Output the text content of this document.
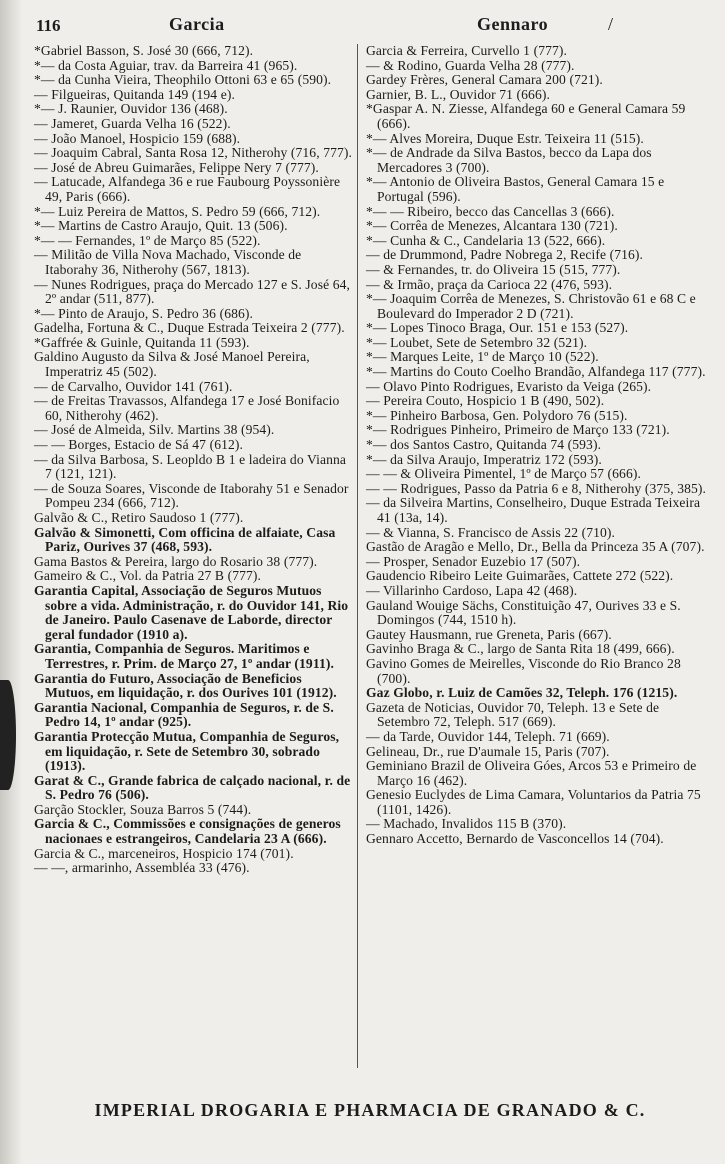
116	Garcia	Gennaro	/

*Gabriel Basson, S. José 30 (666, 712).

*— da Costa Aguiar, trav. da Barreira 41 (965).

*— da Cunha Vieira, Theophilo Ottoni 63 e 65 (590).

— Filgueiras, Quitanda 149 (194 e).

*— J. Raunier, Ouvidor 136 (468).

— Jameret, Guarda Velha 16 (522).

— João Manoel, Hospicio 159 (688).

— Joaquim Cabral, Santa Rosa 12, Nitherohy (716, 777).

— José de Abreu Guimarães, Felippe Nery 7 (777).

— Latucade, Alfandega 36 e rue Faubourg Poyssonière 49, Paris (666).

*— Luiz Pereira de Mattos, S. Pedro 59 (666, 712).

*— Martins de Castro Araujo, Quit. 13 (506).

*— — Fernandes, 1º de Março 85 (522).

— Militão de Villa Nova Machado, Visconde de Itaborahy 36, Nitherohy (567, 1813).

— Nunes Rodrigues, praça do Mercado 127 e S. José 64, 2º andar (511, 877).

*— Pinto de Araujo, S. Pedro 36 (686).

Gadelha, Fortuna & C., Duque Estrada Teixeira 2 (777).

*Gaffrée & Guinle, Quitanda 11 (593).

Galdino Augusto da Silva & José Manoel Pereira, Imperatriz 45 (502).

— de Carvalho, Ouvidor 141 (761).

— de Freitas Travassos, Alfandega 17 e José Bonifacio 60, Nitherohy (462).

— José de Almeida, Silv. Martins 38 (954).

— — Borges, Estacio de Sá 47 (612).

— da Silva Barbosa, S. Leopldo B 1 e ladeira do Vianna 7 (121, 121).

— de Souza Soares, Visconde de Itaborahy 51 e Senador Pompeu 234 (666, 712).

Galvão & C., Retiro Saudoso 1 (777).

Galvão & Simonetti, Com officina de alfaiate, Casa Pariz, Ourives 37 (468, 593).

Gama Bastos & Pereira, largo do Rosario 38 (777).

Gameiro & C., Vol. da Patria 27 B (777).

Garantia Capital, Associação de Seguros Mutuos sobre a vida. Administração, r. do Ouvidor 141, Rio de Janeiro. Paulo Casenave de Laborde, director geral fundador (1910 a).

Garantia, Companhia de Seguros. Maritimos e Terrestres, r. Prim. de Março 27, 1º andar (1911).

Garantia do Futuro, Associação de Beneficios Mutuos, em liquidação, r. dos Ourives 101 (1912).

Garantia Nacional, Companhia de Seguros, r. de S. Pedro 14, 1º andar (925).

Garantia Protecção Mutua, Companhia de Seguros, em liquidação, r. Sete de Setembro 30, sobrado (1913).

Garat & C., Grande fabrica de calçado nacional, r. de S. Pedro 76 (506).

Garção Stockler, Souza Barros 5 (744).

Garcia & C., Commissões e consignações de generos nacionaes e estrangeiros, Candelaria 23 A (666).

Garcia & C., marceneiros, Hospicio 174 (701).

— —, armarinho, Assembléa 33 (476).

Garcia & Ferreira, Curvello 1 (777).

— & Rodino, Guarda Velha 28 (777).

Gardey Frères, General Camara 200 (721).

Garnier, B. L., Ouvidor 71 (666).

*Gaspar A. N. Ziesse, Alfandega 60 e General Camara 59 (666).

*— Alves Moreira, Duque Estr. Teixeira 11 (515).

*— de Andrade da Silva Bastos, becco da Lapa dos Mercadores 3 (700).

*— Antonio de Oliveira Bastos, General Camara 15 e Portugal (596).

*— — Ribeiro, becco das Cancellas 3 (666).

*— Corrêa de Menezes, Alcantara 130 (721).

*— Cunha & C., Candelaria 13 (522, 666).

— de Drummond, Padre Nobrega 2, Recife (716).

— & Fernandes, tr. do Oliveira 15 (515, 777).

— & Irmão, praça da Carioca 22 (476, 593).

*— Joaquim Corrêa de Menezes, S. Christovão 61 e 68 C e Boulevard do Imperador 2 D (721).

*— Lopes Tinoco Braga, Our. 151 e 153 (527).

*— Loubet, Sete de Setembro 32 (521).

*— Marques Leite, 1º de Março 10 (522).

*— Martins do Couto Coelho Brandão, Alfandega 117 (777).

— Olavo Pinto Rodrigues, Evaristo da Veiga (265).

— Pereira Couto, Hospicio 1 B (490, 502).

*— Pinheiro Barbosa, Gen. Polydoro 76 (515).

*— Rodrigues Pinheiro, Primeiro de Março 133 (721).

*— dos Santos Castro, Quitanda 74 (593).

*— da Silva Araujo, Imperatriz 172 (593).

— — & Oliveira Pimentel, 1º de Março 57 (666).

— — Rodrigues, Passo da Patria 6 e 8, Nitherohy (375, 385).

— da Silveira Martins, Conselheiro, Duque Estrada Teixeira 41 (13a, 14).

— & Vianna, S. Francisco de Assis 22 (710).

Gastão de Aragão e Mello, Dr., Bella da Princeza 35 A (707).

— Prosper, Senador Euzebio 17 (507).

Gaudencio Ribeiro Leite Guimarães, Cattete 272 (522).

— Villarinho Cardoso, Lapa 42 (468).

Gauland Wouige Sächs, Constituição 47, Ourives 33 e S. Domingos (744, 1510 h).

Gautey Hausmann, rue Greneta, Paris (667).

Gavinho Braga & C., largo de Santa Rita 18 (499, 666).

Gavino Gomes de Meirelles, Visconde do Rio Branco 28 (700).

Gaz Globo, r. Luiz de Camões 32, Teleph. 176 (1215).

Gazeta de Noticias, Ouvidor 70, Teleph. 13 e Sete de Setembro 72, Teleph. 517 (669).

— da Tarde, Ouvidor 144, Teleph. 71 (669).

Gelineau, Dr., rue D'aumale 15, Paris (707).

Geminiano Brazil de Oliveira Góes, Arcos 53 e Primeiro de Março 16 (462).

Genesio Euclydes de Lima Camara, Voluntarios da Patria 75 (1101, 1426).

— Machado, Invalidos 115 B (370).

Gennaro Accetto, Bernardo de Vasconcellos 14 (704).

IMPERIAL DROGARIA E PHARMACIA DE GRANADO & C.
